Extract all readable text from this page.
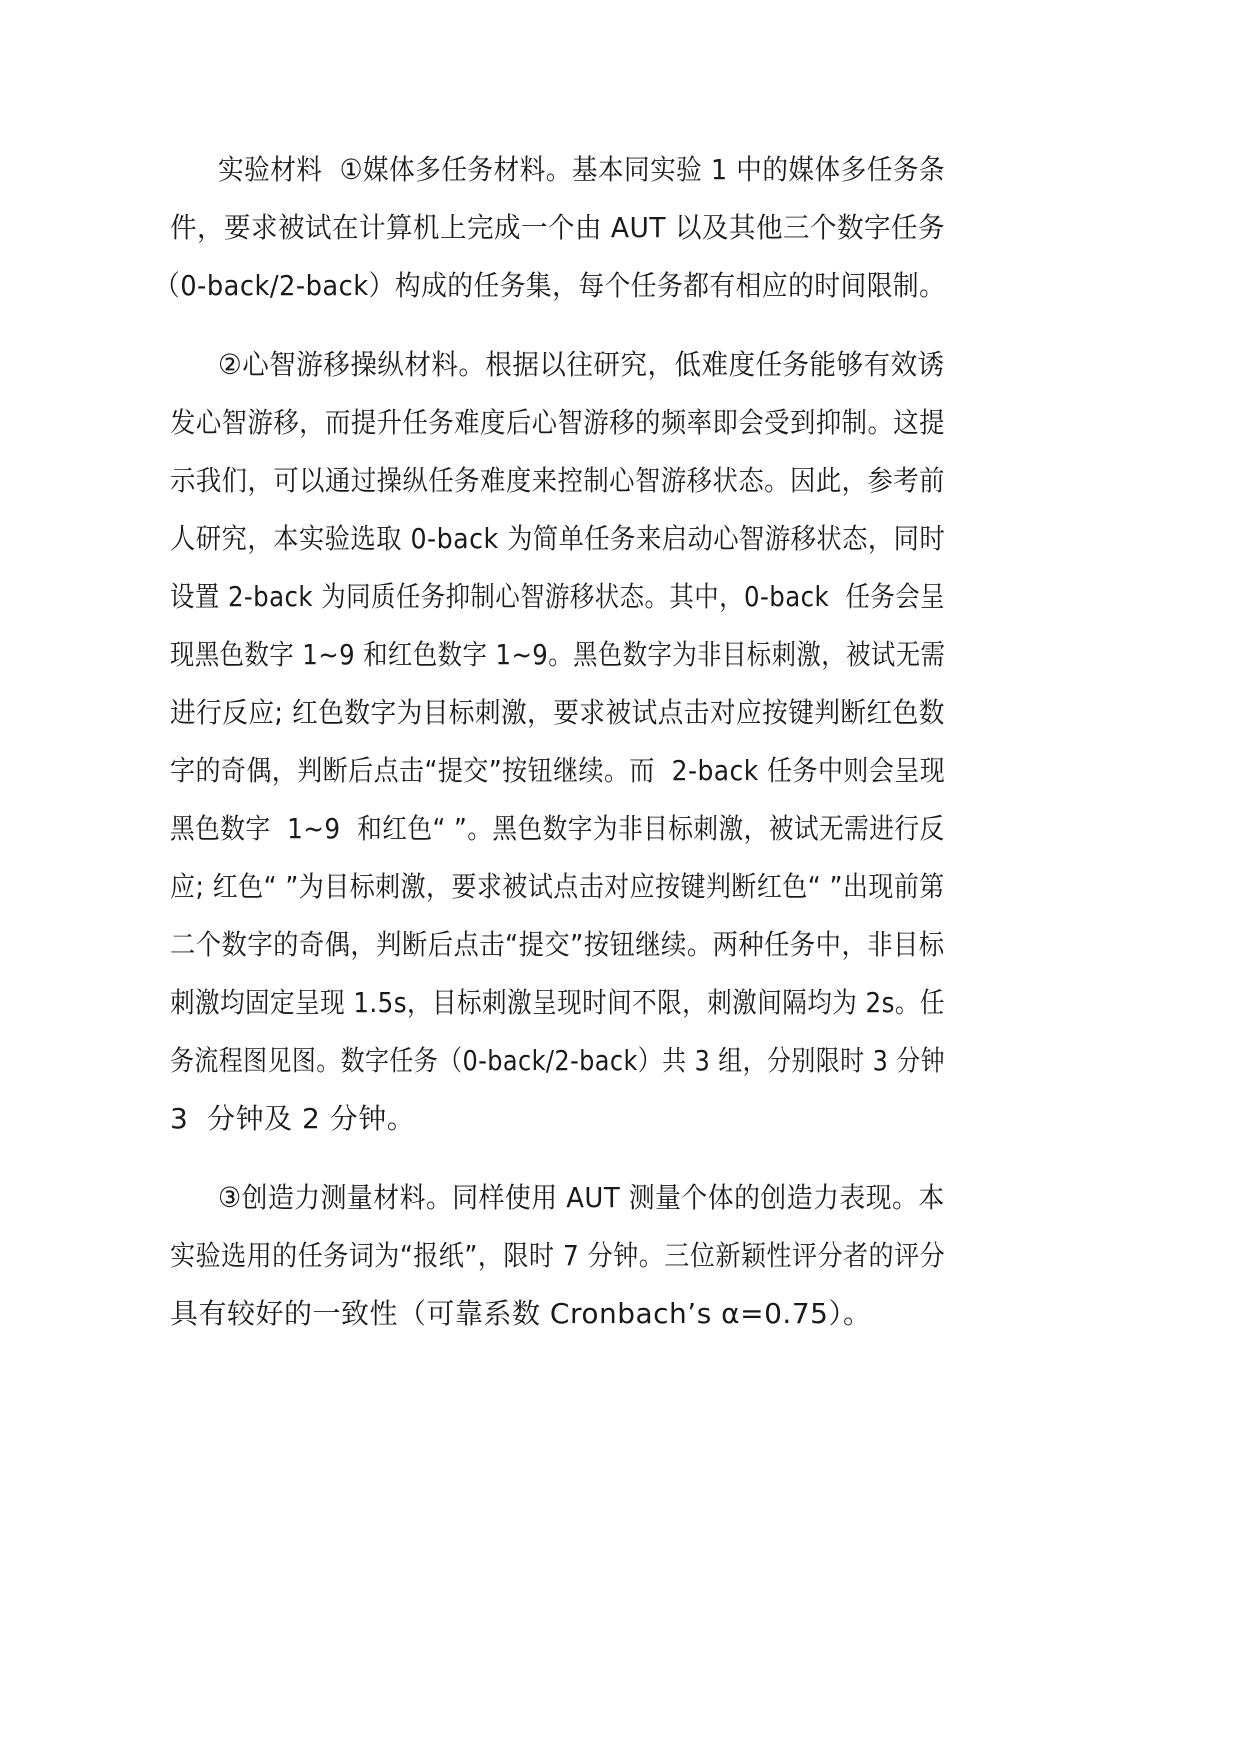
实验材料  ①媒体多任务材料。基本同实验 1 中的媒体多任务条
件，要求被试在计算机上完成一个由 AUT 以及其他三个数字任务
（0-back/2-back）构成的任务集，每个任务都有相应的时间限制。
②心智游移操纵材料。根据以往研究，低难度任务能够有效诱
发心智游移，而提升任务难度后心智游移的频率即会受到抑制。这提
示我们，可以通过操纵任务难度来控制心智游移状态。因此，参考前
人研究，本实验选取 0-back 为简单任务来启动心智游移状态，同时
设置 2-back 为同质任务抑制心智游移状态。其中，0-back  任务会呈
现黑色数字 1~9 和红色数字 1~9。黑色数字为非目标刺激，被试无需
进行反应; 红色数字为目标刺激，要求被试点击对应按键判断红色数
字的奇偶，判断后点击“提交”按钮继续。而  2-back 任务中则会呈现
黑色数字  1~9  和红色“ ”。黑色数字为非目标刺激，被试无需进行反
应; 红色“ ”为目标刺激，要求被试点击对应按键判断红色“ ”出现前第
二个数字的奇偶，判断后点击“提交”按钮继续。两种任务中，非目标
刺激均固定呈现 1.5s，目标刺激呈现时间不限，刺激间隔均为 2s。任
务流程图见图。数字任务（0-back/2-back）共 3 组，分别限时 3 分钟
3  分钟及 2 分钟。
③创造力测量材料。同样使用 AUT 测量个体的创造力表现。本
实验选用的任务词为“报纸”，限时 7 分钟。三位新颖性评分者的评分
具有较好的一致性（可靠系数 Cronbach’s α=0.75）。
